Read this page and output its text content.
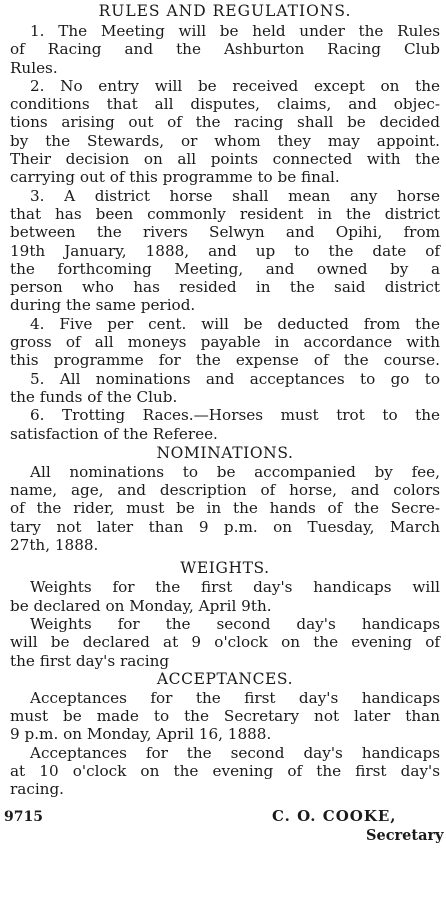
RULES AND REGULATIONS.
1. The Meeting will be held under the Rules
of Racing and the Ashburton Racing Club
Rules.
2. No entry will be received except on the
conditions that all disputes, claims, and objec-
tions arising out of the racing shall be decided
by the Stewards, or whom they may appoint.
Their decision on all points connected with the
carrying out of this programme to be final.
3. A district horse shall mean any horse
that has been commonly resident in the district
between the rivers Selwyn and Opihi, from
19th January, 1888, and up to the date of
the forthcoming Meeting, and owned by a
person who has resided in the said district
during the same period.
4. Five per cent. will be deducted from the
gross of all moneys payable in accordance with
this programme for the expense of the course.
5. All nominations and acceptances to go to
the funds of the Club.
6. Trotting Races.—Horses must trot to the
satisfaction of the Referee.
NOMINATIONS.
All nominations to be accompanied by fee,
name, age, and description of horse, and colors
of the rider, must be in the hands of the Secre-
tary not later than 9 p.m. on Tuesday, March
27th, 1888.
WEIGHTS.
Weights for the first day's handicaps will
be declared on Monday, April 9th.
Weights for the second day's handicaps
will be declared at 9 o'clock on the evening of
the first day's racing
ACCEPTANCES.
Acceptances for the first day's handicaps
must be made to the Secretary not later than
9 p.m. on Monday, April 16, 1888.
Acceptances for the second day's handicaps
at 10 o'clock on the evening of the first day's
racing.
9715	C. O. COOKE,
Secretary
